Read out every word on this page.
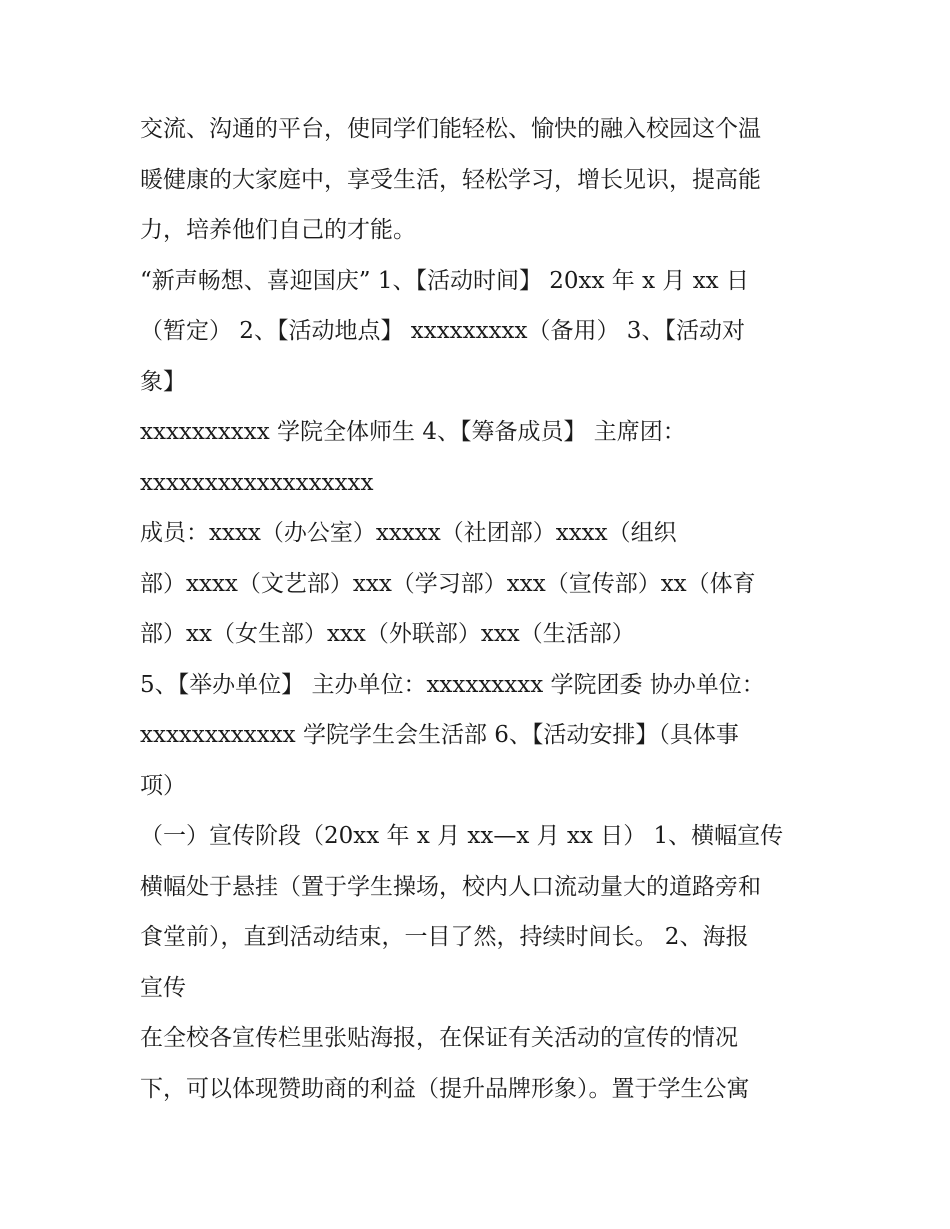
交流、沟通的平台，使同学们能轻松、愉快的融入校园这个温
暖健康的大家庭中，享受生活，轻松学习，增长见识，提高能
力，培养他们自己的才能。
“新声畅想、喜迎国庆” 1、【活动时间】 20xx 年 x 月 xx 日
（暂定） 2、【活动地点】 xxxxxxxxx（备用） 3、【活动对
象】
xxxxxxxxxx 学院全体师生 4、【筹备成员】 主席团：
xxxxxxxxxxxxxxxxxx
成员：xxxx（办公室）xxxxx（社团部）xxxx（组织
部）xxxx（文艺部）xxx（学习部）xxx（宣传部）xx（体育
部）xx（女生部）xxx（外联部）xxx（生活部）
5、【举办单位】 主办单位：xxxxxxxxx 学院团委 协办单位：
xxxxxxxxxxxx 学院学生会生活部 6、【活动安排】（具体事
项）
（一）宣传阶段（20xx 年 x 月 xx—x 月 xx 日） 1、横幅宣传
横幅处于悬挂（置于学生操场，校内人口流动量大的道路旁和
食堂前），直到活动结束，一目了然，持续时间长。 2、海报
宣传
在全校各宣传栏里张贴海报，在保证有关活动的宣传的情况
下，可以体现赞助商的利益（提升品牌形象）。置于学生公寓
